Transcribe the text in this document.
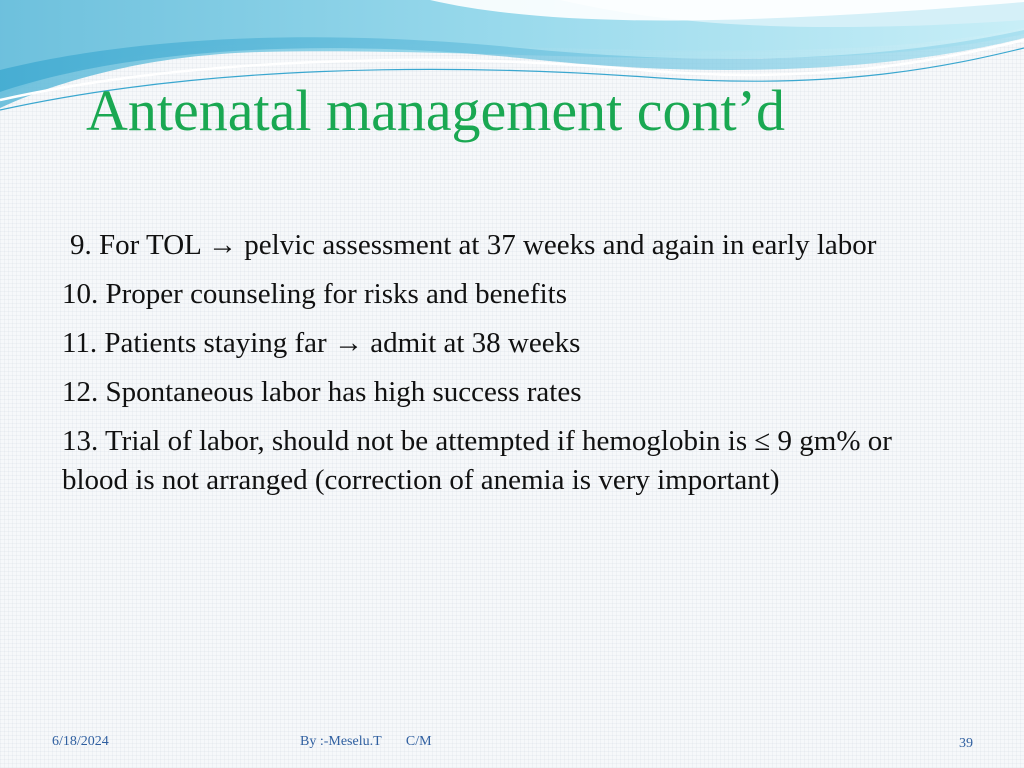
Antenatal management cont’d
9. For TOL → pelvic assessment at 37 weeks and again in early labor
10. Proper counseling for risks and benefits
11. Patients staying far → admit at 38 weeks
12. Spontaneous labor has high success rates
13. Trial of labor, should not be attempted if hemoglobin is ≤ 9 gm% or blood is not arranged (correction of anemia is very important)
6/18/2024	By :-Meselu.T       C/M	39
